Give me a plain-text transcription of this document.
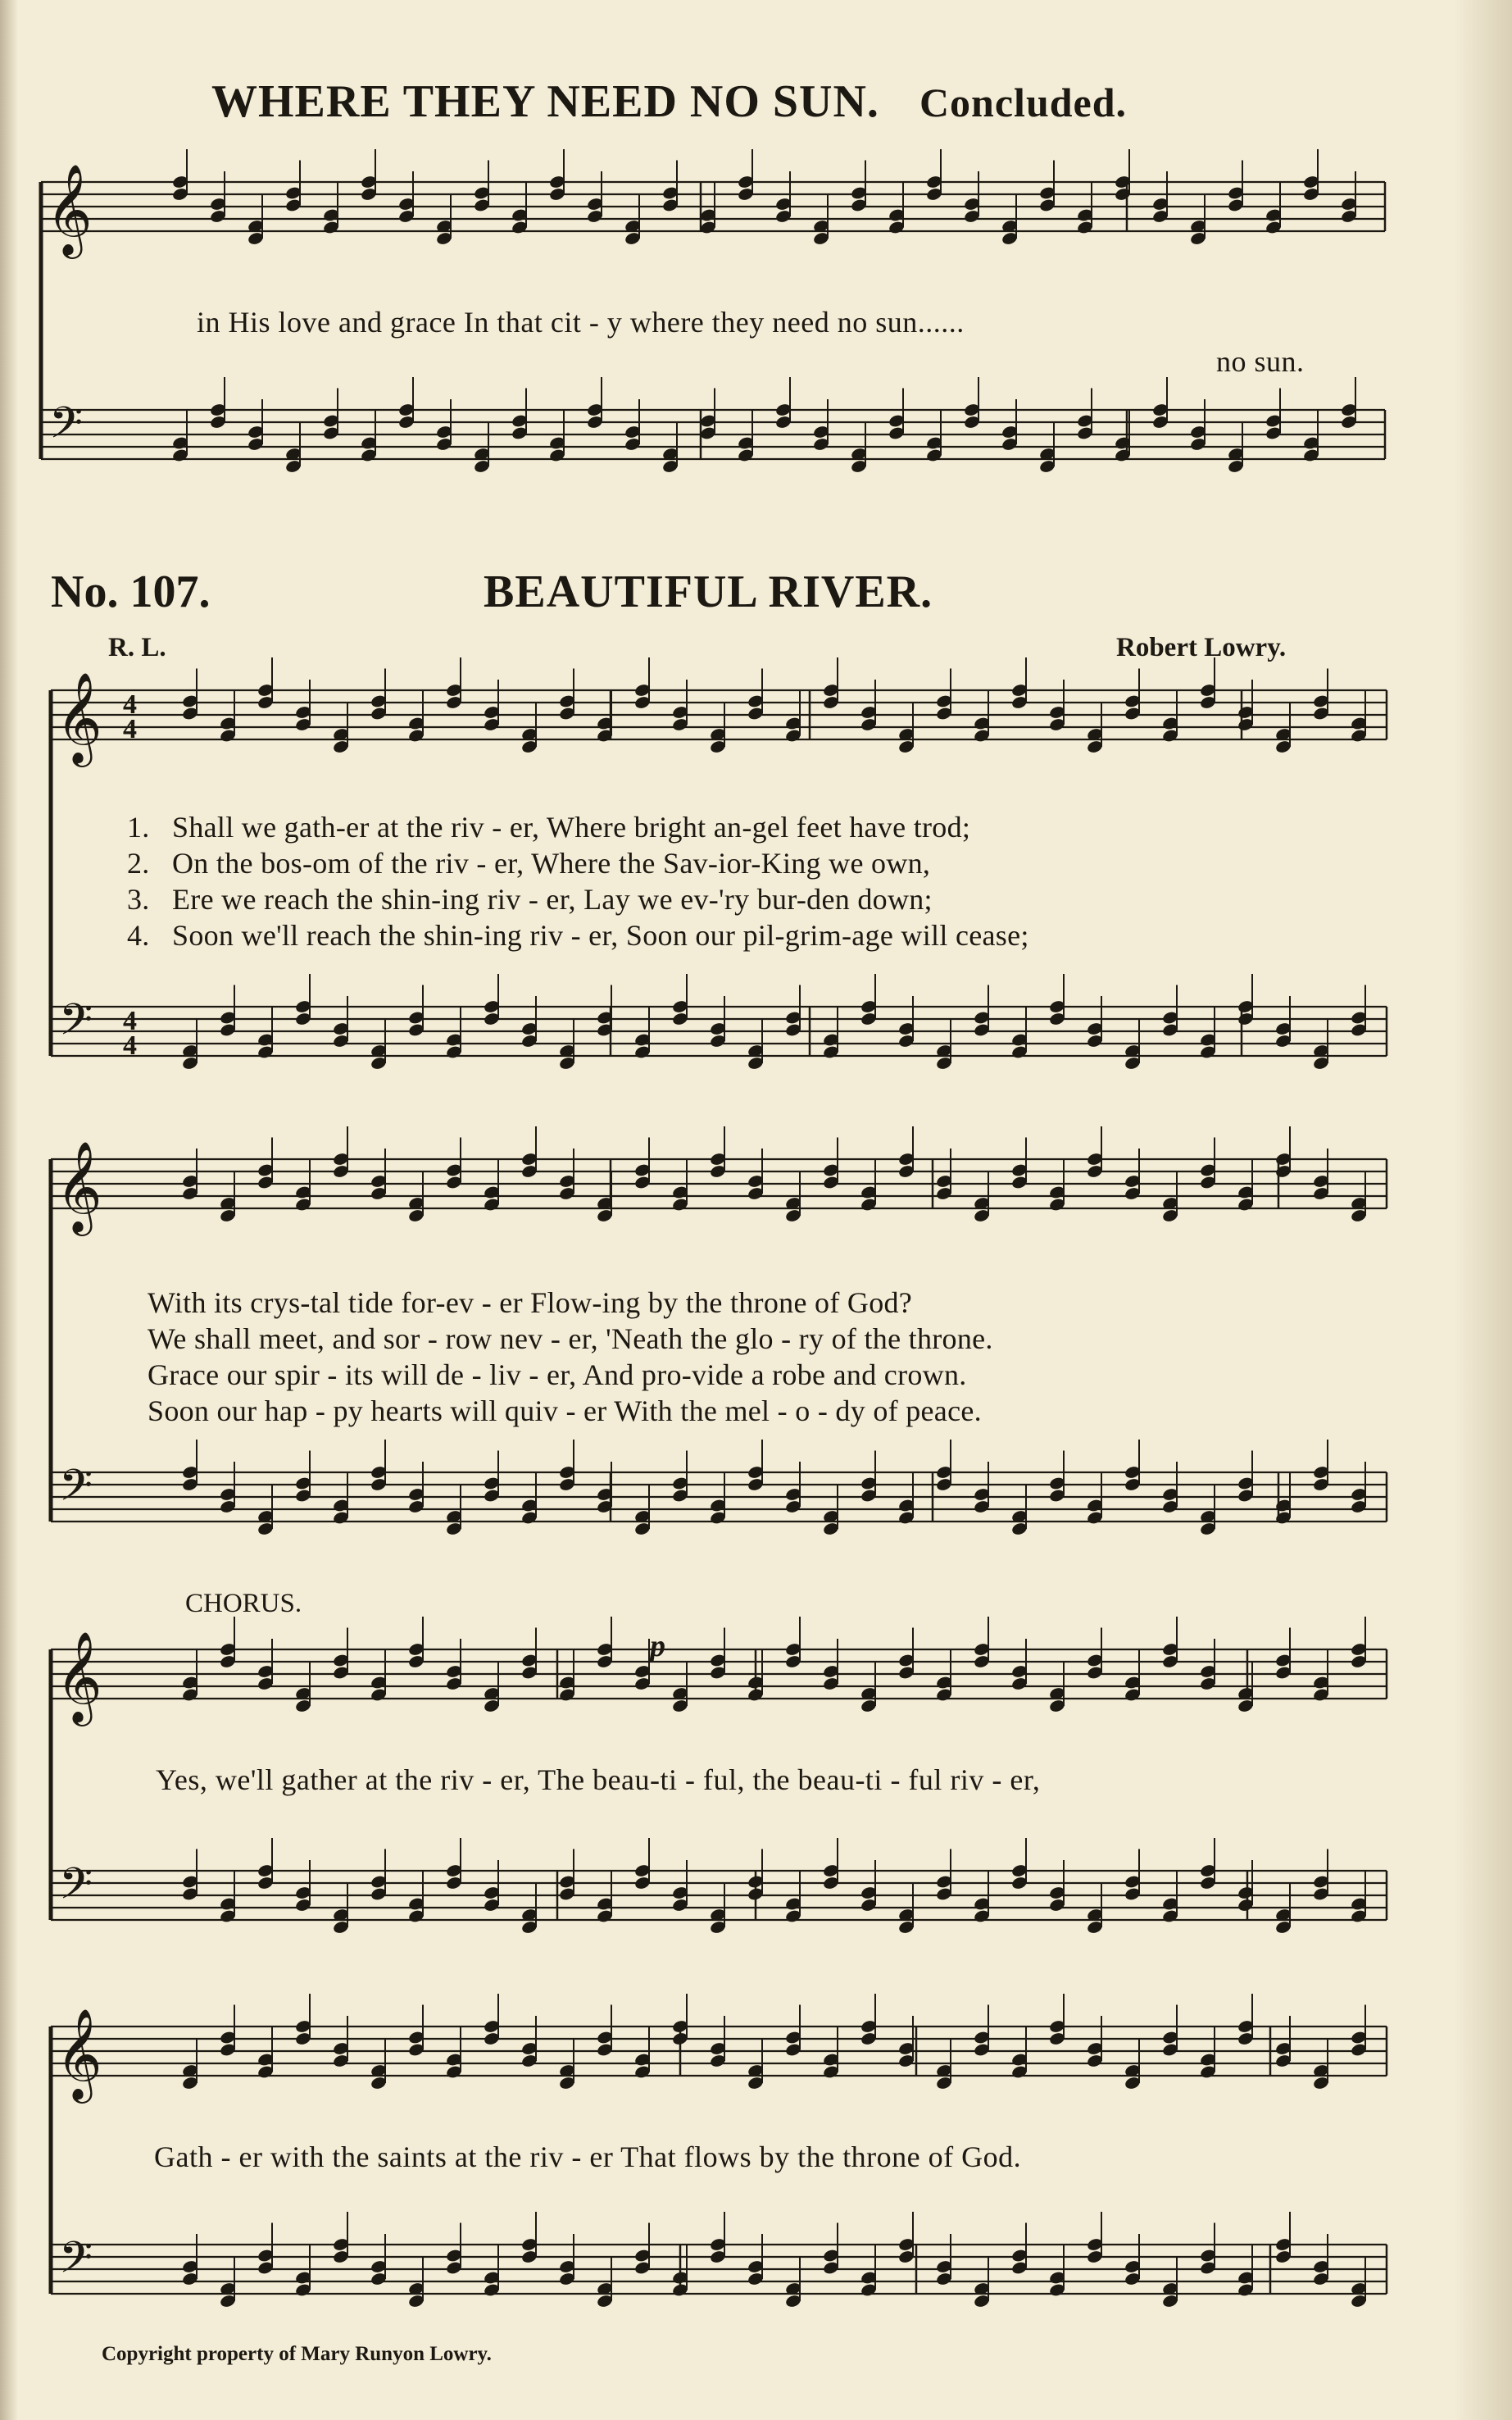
WHERE THEY NEED NO SUN. Concluded.
𝄞
𝄢
𝄞
𝄢
𝄞
𝄢
𝄞
𝄢
𝄞
𝄢
4
4
4
4
in His love and grace In that cit - y where they need no sun......
no sun.
No. 107.	BEAUTIFUL RIVER.
R. L.	Robert Lowry.
1. Shall we gath-er at the riv - er, Where bright an-gel feet have trod;
2. On the bos-om of the riv - er, Where the Sav-ior-King we own,
3. Ere we reach the shin-ing riv - er, Lay we ev-'ry bur-den down;
4. Soon we'll reach the shin-ing riv - er, Soon our pil-grim-age will cease;
With its crys-tal tide for-ev - er Flow-ing by the throne of God?
We shall meet, and sor - row nev - er, 'Neath the glo - ry of the throne.
Grace our spir - its will de - liv - er, And pro-vide a robe and crown.
Soon our hap - py hearts will quiv - er With the mel - o - dy of peace.
CHORUS.
p
Yes, we'll gather at the riv - er, The beau-ti - ful, the beau-ti - ful riv - er,
Gath - er with the saints at the riv - er That flows by the throne of God.
Copyright property of Mary Runyon Lowry.
